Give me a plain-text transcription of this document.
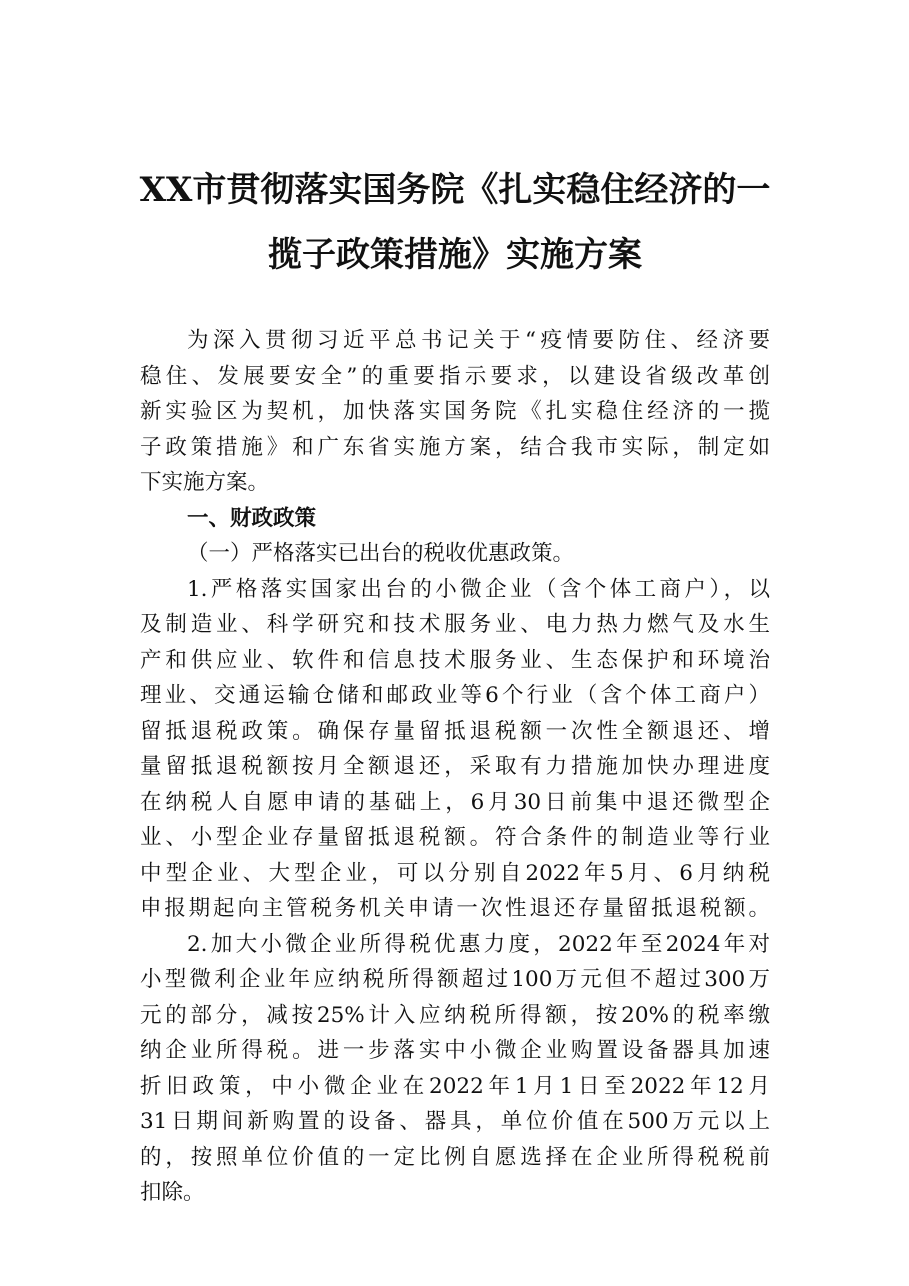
XX市贯彻落实国务院《扎实稳住经济的一
揽子政策措施》实施方案

为深入贯彻习近平总书记关于“疫情要防住、经济要

稳住、发展要安全”的重要指示要求，以建设省级改革创

新实验区为契机，加快落实国务院《扎实稳住经济的一揽

子政策措施》和广东省实施方案，结合我市实际，制定如

下实施方案。

一、财政政策

（一）严格落实已出台的税收优惠政策。

1.严格落实国家出台的小微企业（含个体工商户），以

及制造业、科学研究和技术服务业、电力热力燃气及水生

产和供应业、软件和信息技术服务业、生态保护和环境治

理业、交通运输仓储和邮政业等6个行业（含个体工商户）

留抵退税政策。确保存量留抵退税额一次性全额退还、增

量留抵退税额按月全额退还，采取有力措施加快办理进度

在纳税人自愿申请的基础上，6月30日前集中退还微型企

业、小型企业存量留抵退税额。符合条件的制造业等行业

中型企业、大型企业，可以分别自2022年5月、6月纳税

申报期起向主管税务机关申请一次性退还存量留抵退税额。

2.加大小微企业所得税优惠力度，2022年至2024年对

小型微利企业年应纳税所得额超过100万元但不超过300万

元的部分，减按25%计入应纳税所得额，按20%的税率缴

纳企业所得税。进一步落实中小微企业购置设备器具加速

折旧政策，中小微企业在2022年1月1日至2022年12月

31日期间新购置的设备、器具，单位价值在500万元以上

的，按照单位价值的一定比例自愿选择在企业所得税税前

扣除。
